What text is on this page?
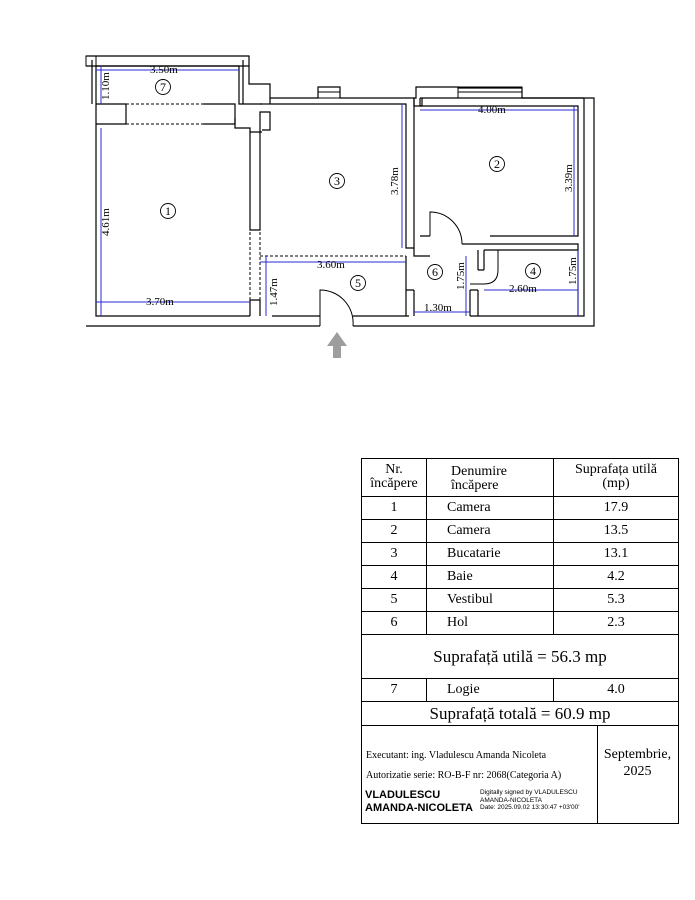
3.50m
1.10m
4.61m
3.70m
3.78m
3.60m
1.47m
4.00m
3.39m
1.75m
1.30m
2.60m
1.75m
1
2
3
4
5
6
7
Nr. încăpere
Denumire încăpere
Suprafața utilă (mp)
1	Camera	17.9
2	Camera	13.5
3	Bucatarie	13.1
4	Baie	4.2
5	Vestibul	5.3
6	Hol	2.3
Suprafață utilă = 56.3 mp
7	Logie	4.0
Suprafață totală = 60.9 mp
Executant: ing. Vladulescu Amanda Nicoleta
Autorizatie serie: RO-B-F nr: 2068(Categoria A)
VLADULESCU
AMANDA-NICOLETA
Digitally signed by VLADULESCU
AMANDA-NICOLETA
Date: 2025.09.02 13:30:47 +03'00'
Septembrie,
2025
